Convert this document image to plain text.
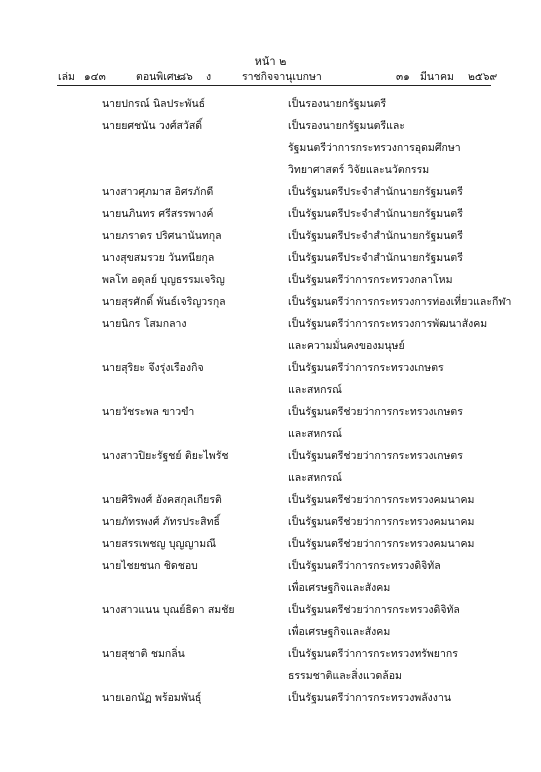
หน้า ๒
เล่ม ๑๔๓	ตอนพิเศษ
๘๖ ง	ราชกิจจานุเบกษา	๓๑ มีนาคม ๒๕๖๙
นายปกรณ์ นิลประพันธ์	เป็นรองนายกรัฐมนตรี
นายยศชนัน วงศ์สวัสดิ์	เป็นรองนายกรัฐมนตรีและ
รัฐมนตรีว่าการกระทรวงการอุดมศึกษา
วิทยาศาสตร์ วิจัยและนวัตกรรม
นางสาวศุภมาส อิศรภักดี	เป็นรัฐมนตรีประจำสำนักนายกรัฐมนตรี
นายนภินทร ศรีสรรพางค์	เป็นรัฐมนตรีประจำสำนักนายกรัฐมนตรี
นายภราดร ปริศนานันทกุล	เป็นรัฐมนตรีประจำสำนักนายกรัฐมนตรี
นางสุขสมรวย วันทนียกุล	เป็นรัฐมนตรีประจำสำนักนายกรัฐมนตรี
พลโท อดุลย์ บุญธรรมเจริญ	เป็นรัฐมนตรีว่าการกระทรวงกลาโหม
นายสุรศักดิ์ พันธ์เจริญวรกุล	เป็นรัฐมนตรีว่าการกระทรวงการท่องเที่ยวและกีฬา
นายนิกร โสมกลาง	เป็นรัฐมนตรีว่าการกระทรวงการพัฒนาสังคม
และความมั่นคงของมนุษย์
นายสุริยะ จึงรุ่งเรืองกิจ	เป็นรัฐมนตรีว่าการกระทรวงเกษตร
และสหกรณ์
นายวัชระพล ขาวขำ	เป็นรัฐมนตรีช่วยว่าการกระทรวงเกษตร
และสหกรณ์
นางสาวปิยะรัฐชย์ ติยะไพรัช	เป็นรัฐมนตรีช่วยว่าการกระทรวงเกษตร
และสหกรณ์
นายศิริพงศ์ อังคสกุลเกียรติ	เป็นรัฐมนตรีช่วยว่าการกระทรวงคมนาคม
นายภัทรพงศ์ ภัทรประสิทธิ์	เป็นรัฐมนตรีช่วยว่าการกระทรวงคมนาคม
นายสรรเพชญ บุญญามณี	เป็นรัฐมนตรีช่วยว่าการกระทรวงคมนาคม
นายไชยชนก ชิดชอบ	เป็นรัฐมนตรีว่าการกระทรวงดิจิทัล
เพื่อเศรษฐกิจและสังคม
นางสาวแนน บุณย์ธิดา สมชัย	เป็นรัฐมนตรีช่วยว่าการกระทรวงดิจิทัล
เพื่อเศรษฐกิจและสังคม
นายสุชาติ ชมกลิ่น	เป็นรัฐมนตรีว่าการกระทรวงทรัพยากร
ธรรมชาติและสิ่งแวดล้อม
นายเอกนัฏ พร้อมพันธุ์	เป็นรัฐมนตรีว่าการกระทรวงพลังงาน
